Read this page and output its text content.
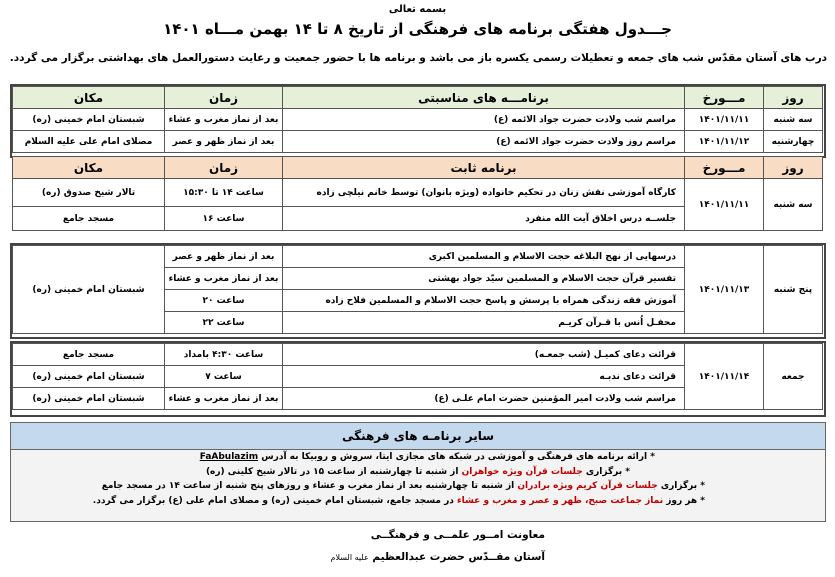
بسمه تعالی
جـــدول هفتگی برنامه های فرهنگی از تاریخ ۸ تا ۱۴ بهمن مـــاه ۱۴۰۱
درب های آستان مقدّس شب های جمعه و تعطیلات رسمی یکسره باز می باشد و برنامه ها با حضور جمعیت و رعایت دستورالعمل های بهداشتی برگزار می گردد.
روز	مـــورخ	برنامـــه های مناسبتی	زمان	مکان
سه شنبه	۱۴۰۱/۱۱/۱۱	مراسم شب ولادت حضرت جواد الائمه (ع)	بعد از نماز مغرب و عشاء	شبستان امام خمینی (ره)
چهارشنبه	۱۴۰۱/۱۱/۱۲	مراسم روز ولادت حضرت جواد الائمه (ع)	بعد از نماز ظهر و عصر	مصلای امام علی علیه السلام
روز	مـــورخ	برنامه ثابت	زمان	مکان
سه شنبه	۱۴۰۱/۱۱/۱۱	کارگاه آموزشی نقش زنان در تحکیم خانواده (ویژه بانوان) توسط خانم نیلچی زاده	ساعت ۱۴ تا ۱۵:۳۰	تالار شیخ صدوق (ره)
		جلســه درس اخلاق آیت الله منفرد	ساعت ۱۶	مسجد جامع
پنج شنبه	۱۴۰۱/۱۱/۱۳	درسهایی از نهج البلاغه حجت الاسلام و المسلمین اکبری	بعد از نماز ظهر و عصر	شبستان امام خمینی (ره)
		تفسیر قرآن حجت الاسلام و المسلمین سیّد جواد بهشتی	بعد از نماز مغرب و عشاء	
		آموزش فقه زندگی همراه با پرسش و پاسخ حجت الاسلام و المسلمین فلاح زاده	ساعت ۲۰	
		محفـل اُنس با قـرآن کریـم	ساعت ۲۲	
جمعه	۱۴۰۱/۱۱/۱۴	قرائت دعای کمیـل (شب جمعـه)	ساعت ۴:۳۰ بامداد	مسجد جامع
		قرائت دعای ندبـه	ساعت ۷	شبستان امام خمینی (ره)
		مراسم شب ولادت امیر المؤمنین حضرت امام علـی (ع)	بعد از نماز مغرب و عشاء	شبستان امام خمینی (ره)
سایر برنامـه های فرهنگی
* ارائه برنامه های فرهنگی و آموزشی در شبکه های مجازی ایتا، سروش و روبیکا به آدرس FaAbulazim
* برگزاری جلسات قرآن ویژه خواهران از شنبه تا چهارشنبه از ساعت ۱۵ در تالار شیخ کلینی (ره)
* برگزاری جلسات قرآن کریم ویژه برادران از شنبه تا چهارشنبه بعد از نماز مغرب و عشاء و روزهای پنج شنبه از ساعت ۱۴ در مسجد جامع
* هر روز نماز جماعت صبح، ظهر و عصر و مغرب و عشاء در مسجد جامع، شبستان امام خمینی (ره) و مصلای امام علی (ع) برگزار می گردد.
معاونت امــور علمــی و فرهنگــی
آستان مقــدّس حضرت عبدالعظیم علیه السلام
